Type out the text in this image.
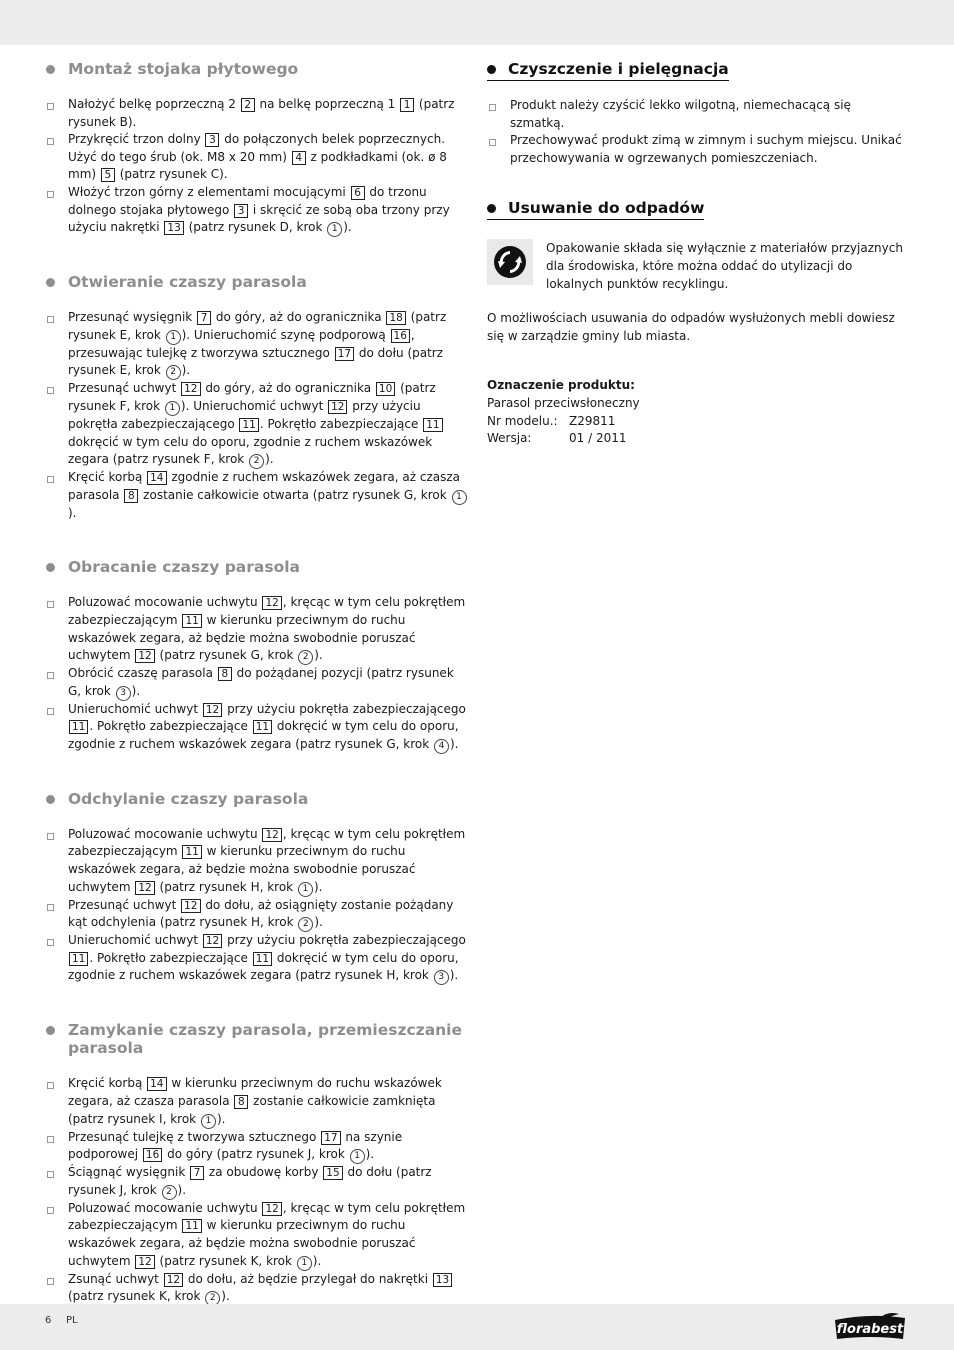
Montaż stojaka płytowego
Nałożyć belkę poprzeczną 2 2 na belkę poprzeczną 1 1 (patrz rysunek B).
Przykręcić trzon dolny 3 do połączonych belek poprzecznych. Użyć do tego śrub (ok. M8 x 20 mm) 4 z podkładkami (ok. ø 8 mm) 5 (patrz rysunek C).
Włożyć trzon górny z elementami mocującymi 6 do trzonu dolnego stojaka płytowego 3 i skręcić ze sobą oba trzony przy użyciu nakrętki 13 (patrz rysunek D, krok 1 ).
Otwieranie czaszy parasola
Przesunąć wysięgnik 7 do góry, aż do ogranicznika 18 (patrz rysunek E, krok 1 ). Unieruchomić szynę podporową 16 , przesuwając tulejkę z tworzywa sztucznego 17 do dołu (patrz rysunek E, krok 2 ).
Przesunąć uchwyt 12 do góry, aż do ogranicznika 10 (patrz rysunek F, krok 1 ). Unieruchomić uchwyt 12 przy użyciu pokrętła zabezpieczającego 11 . Pokrętło zabezpieczające 11 dokręcić w tym celu do oporu, zgodnie z ruchem wskazówek zegara (patrz rysunek F, krok 2 ).
Kręcić korbą 14 zgodnie z ruchem wskazówek zegara, aż czasza parasola 8 zostanie całkowicie otwarta (patrz rysunek G, krok 1).
Obracanie czaszy parasola
Poluzować mocowanie uchwytu 12 , kręcąc w tym celu pokrętłem zabezpieczającym 11 w kierunku przeciwnym do ruchu wskazówek zegara, aż będzie można swobodnie poruszać uchwytem 12 (patrz rysunek G, krok 2 ).
Obrócić czaszę parasola 8 do pożądanej pozycji (patrz rysunek G, krok 3 ).
Unieruchomić uchwyt 12 przy użyciu pokrętła zabezpieczającego 11 . Pokrętło zabezpieczające 11 dokręcić w tym celu do oporu, zgodnie z ruchem wskazówek zegara (patrz rysunek G, krok 4 ).
Odchylanie czaszy parasola
Poluzować mocowanie uchwytu 12 , kręcąc w tym celu pokrętłem zabezpieczającym 11 w kierunku przeciwnym do ruchu wskazówek zegara, aż będzie można swobodnie poruszać uchwytem 12 (patrz rysunek H, krok 1 ).
Przesunąć uchwyt 12 do dołu, aż osiągnięty zostanie pożądany kąt odchylenia (patrz rysunek H, krok 2 ).
Unieruchomić uchwyt 12 przy użyciu pokrętła zabezpieczającego 11 . Pokrętło zabezpieczające 11 dokręcić w tym celu do oporu, zgodnie z ruchem wskazówek zegara (patrz rysunek H, krok 3 ).
Zamykanie czaszy parasola, przemieszczanie parasola
Kręcić korbą 14 w kierunku przeciwnym do ruchu wskazówek zegara, aż czasza parasola 8 zostanie całkowicie zamknięta (patrz rysunek I, krok 1 ).
Przesunąć tulejkę z tworzywa sztucznego 17 na szynie podporowej 16 do góry (patrz rysunek J, krok 1 ).
Ściągnąć wysięgnik 7 za obudowę korby 15 do dołu (patrz rysunek J, krok 2 ).
Poluzować mocowanie uchwytu 12 , kręcąc w tym celu pokrętłem zabezpieczającym 11 w kierunku przeciwnym do ruchu wskazówek zegara, aż będzie można swobodnie poruszać uchwytem 12 (patrz rysunek K, krok 1 ).
Zsunąć uchwyt 12 do dołu, aż będzie przylegał do nakrętki 13 (patrz rysunek K, krok 2 ).
Czyszczenie i pielęgnacja
Produkt należy czyścić lekko wilgotną, niemechacącą się szmatką.
Przechowywać produkt zimą w zimnym i suchym miejscu. Unikać przechowywania w ogrzewanych pomieszczeniach.
Usuwanie do odpadów
Opakowanie składa się wyłącznie z materiałów przyjaznych dla środowiska, które można oddać do utylizacji do lokalnych punktów recyklingu.
O możliwościach usuwania do odpadów wysłużonych mebli dowiesz się w zarządzie gminy lub miasta.
Oznaczenie produktu:
Parasol przeciwsłoneczny
Nr modelu.: Z29811
Wersja:	01 / 2011
6 PL
florabest
